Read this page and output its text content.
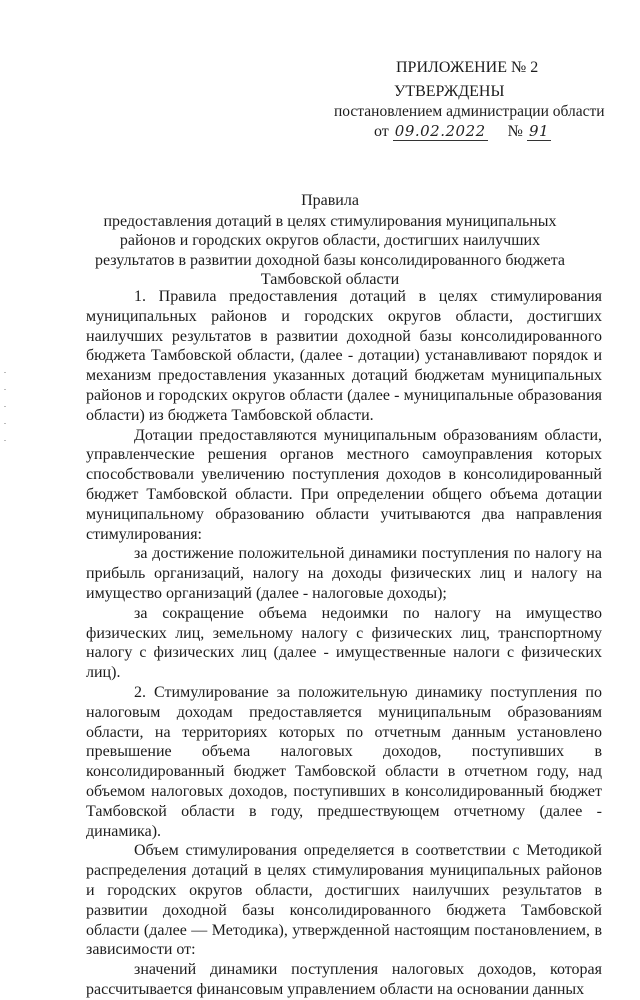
ПРИЛОЖЕНИЕ № 2
УТВЕРЖДЕНЫ
постановлением администрации области
от 09.02.2022 № 91
Правила
предоставления дотаций в целях стимулирования муниципальных районов и городских округов области, достигших наилучших результатов в развитии доходной базы консолидированного бюджета Тамбовской области

1. Правила предоставления дотаций в целях стимулирования муниципальных районов и городских округов области, достигших наилучших результатов в развитии доходной базы консолидированного бюджета Тамбовской области, (далее - дотации) устанавливают порядок и механизм предоставления указанных дотаций бюджетам муниципальных районов и городских округов области (далее - муниципальные образования области) из бюджета Тамбовской области.

Дотации предоставляются муниципальным образованиям области, управленческие решения органов местного самоуправления которых способствовали увеличению поступления доходов в консолидированный бюджет Тамбовской области. При определении общего объема дотации муниципальному образованию области учитываются два направления стимулирования:

за достижение положительной динамики поступления по налогу на прибыль организаций, налогу на доходы физических лиц и налогу на имущество организаций (далее - налоговые доходы);

за сокращение объема недоимки по налогу на имущество физических лиц, земельному налогу с физических лиц, транспортному налогу с физических лиц (далее - имущественные налоги с физических лиц).

2. Стимулирование за положительную динамику поступления по налоговым доходам предоставляется муниципальным образованиям области, на территориях которых по отчетным данным установлено превышение объема налоговых доходов, поступивших в консолидированный бюджет Тамбовской области в отчетном году, над объемом налоговых доходов, поступивших в консолидированный бюджет Тамбовской области в году, предшествующем отчетному (далее - динамика).

Объем стимулирования определяется в соответствии с Методикой распределения дотаций в целях стимулирования муниципальных районов и городских округов области, достигших наилучших результатов в развитии доходной базы консолидированного бюджета Тамбовской области (далее — Методика), утвержденной настоящим постановлением, в зависимости от:

значений динамики поступления налоговых доходов, которая рассчитывается финансовым управлением области на основании данных
